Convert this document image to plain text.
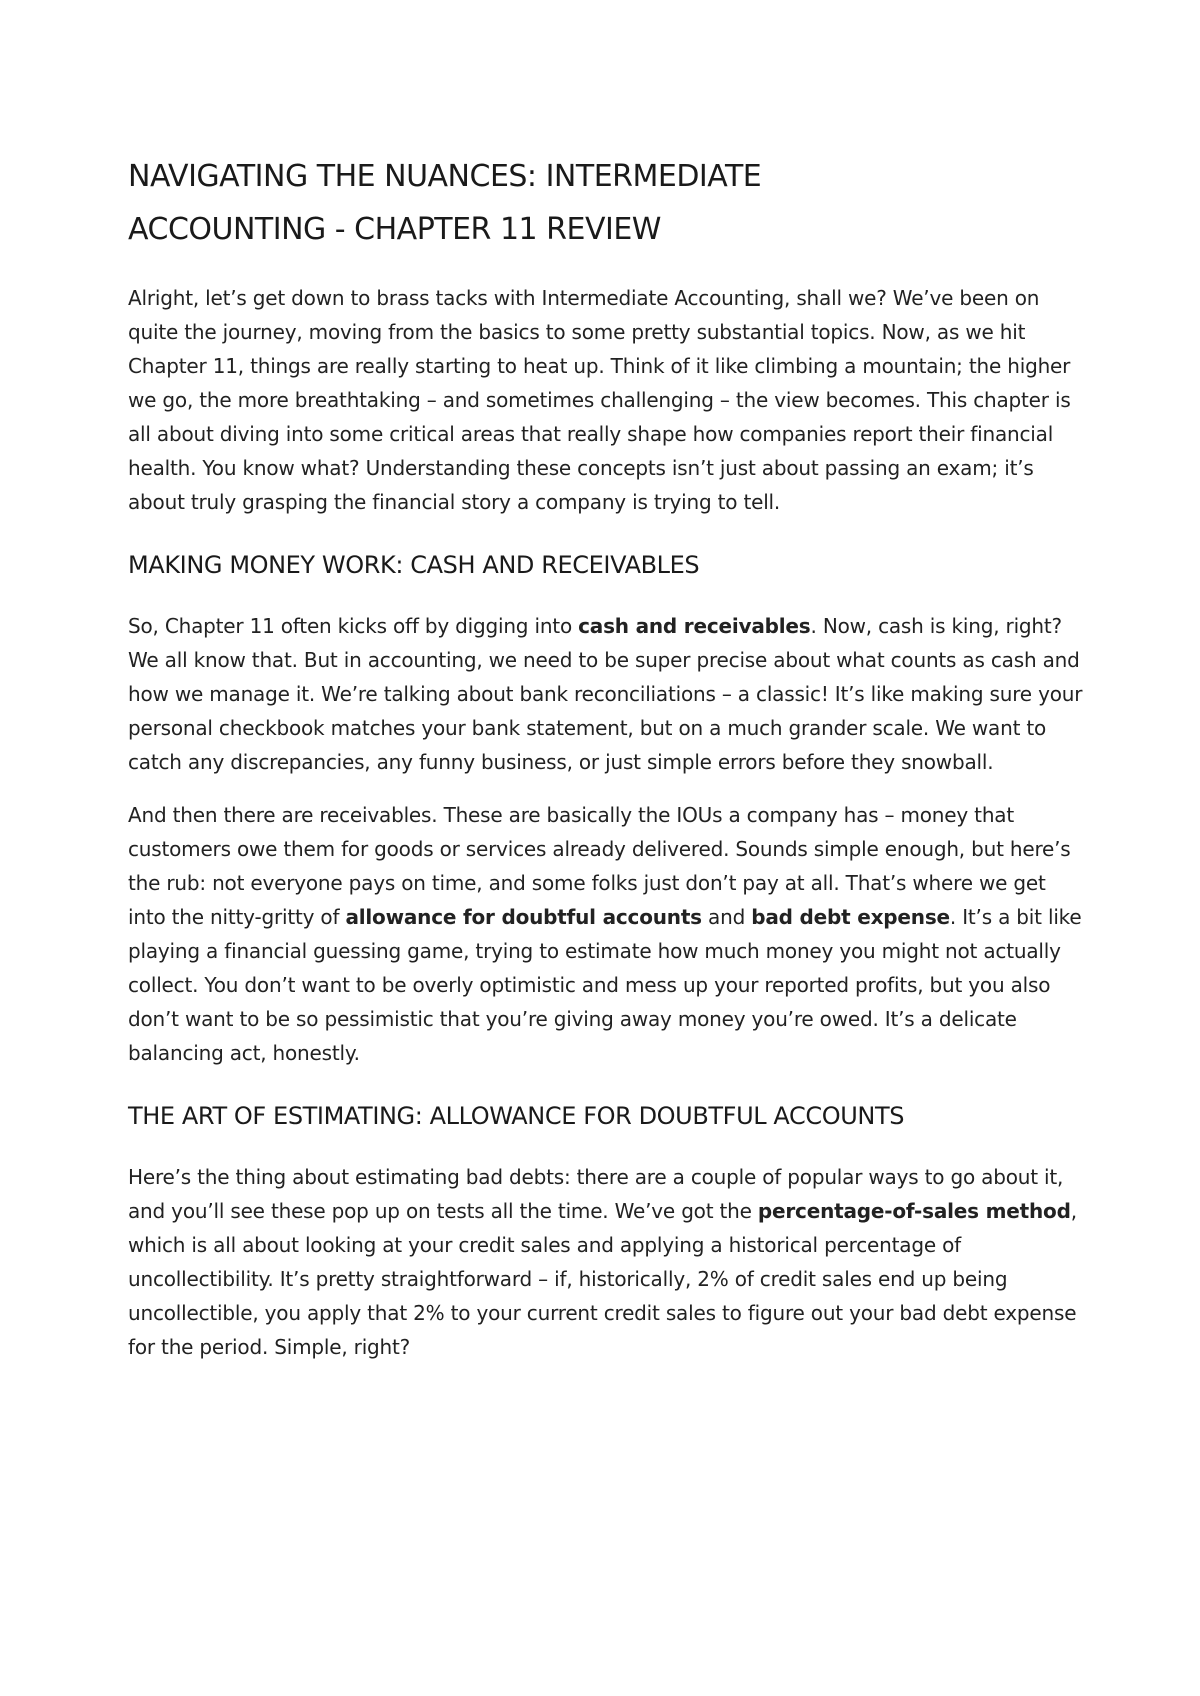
NAVIGATING THE NUANCES: INTERMEDIATE
ACCOUNTING - CHAPTER 11 REVIEW

Alright, let’s get down to brass tacks with Intermediate Accounting, shall we? We’ve been on quite the journey, moving from the basics to some pretty substantial topics. Now, as we hit Chapter 11, things are really starting to heat up. Think of it like climbing a mountain; the higher we go, the more breathtaking – and sometimes challenging – the view becomes. This chapter is all about diving into some critical areas that really shape how companies report their financial health. You know what? Understanding these concepts isn’t just about passing an exam; it’s about truly grasping the financial story a company is trying to tell.

MAKING MONEY WORK: CASH AND RECEIVABLES

So, Chapter 11 often kicks off by digging into cash and receivables. Now, cash is king, right? We all know that. But in accounting, we need to be super precise about what counts as cash and how we manage it. We’re talking about bank reconciliations – a classic! It’s like making sure your personal checkbook matches your bank statement, but on a much grander scale. We want to catch any discrepancies, any funny business, or just simple errors before they snowball.

And then there are receivables. These are basically the IOUs a company has – money that customers owe them for goods or services already delivered. Sounds simple enough, but here’s the rub: not everyone pays on time, and some folks just don’t pay at all. That’s where we get into the nitty-gritty of allowance for doubtful accounts and bad debt expense. It’s a bit like playing a financial guessing game, trying to estimate how much money you might not actually collect. You don’t want to be overly optimistic and mess up your reported profits, but you also don’t want to be so pessimistic that you’re giving away money you’re owed. It’s a delicate balancing act, honestly.

THE ART OF ESTIMATING: ALLOWANCE FOR DOUBTFUL ACCOUNTS

Here’s the thing about estimating bad debts: there are a couple of popular ways to go about it, and you’ll see these pop up on tests all the time. We’ve got the percentage-of-sales method, which is all about looking at your credit sales and applying a historical percentage of uncollectibility. It’s pretty straightforward – if, historically, 2% of credit sales end up being uncollectible, you apply that 2% to your current credit sales to figure out your bad debt expense for the period. Simple, right?
